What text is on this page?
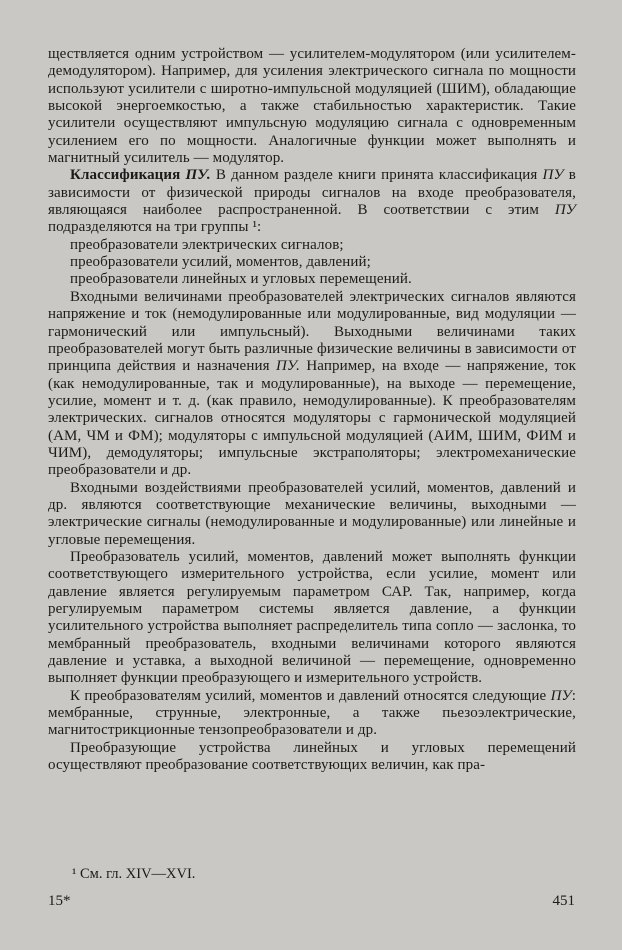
ществляется одним устройством — усилителем-модулятором (или усилителем-демодулятором). Например, для усиления электрического сигнала по мощности используют усилители с широтно-импульсной модуляцией (ШИМ), обладающие высокой энергоемкостью, а также стабильностью характеристик. Такие усилители осуществляют импульсную модуляцию сигнала с одновременным усилением его по мощности. Аналогичные функции может выполнять и магнитный усилитель — модулятор.

Классификация ПУ. В данном разделе книги принята классификация ПУ в зависимости от физической природы сигналов на входе преобразователя, являющаяся наиболее распространенной. В соответствии с этим ПУ подразделяются на три группы ¹:

преобразователи электрических сигналов;

преобразователи усилий, моментов, давлений;

преобразователи линейных и угловых перемещений.

Входными величинами преобразователей электрических сигналов являются напряжение и ток (немодулированные или модулированные, вид модуляции — гармонический или импульсный). Выходными величинами таких преобразователей могут быть различные физические величины в зависимости от принципа действия и назначения ПУ. Например, на входе — напряжение, ток (как немодулированные, так и модулированные), на выходе — перемещение, усилие, момент и т. д. (как правило, немодулированные). К преобразователям электрических. сигналов относятся модуляторы с гармонической модуляцией (АМ, ЧМ и ФМ); модуляторы с импульсной модуляцией (АИМ, ШИМ, ФИМ и ЧИМ), демодуляторы; импульсные экстраполяторы; электромеханические преобразователи и др.

Входными воздействиями преобразователей усилий, моментов, давлений и др. являются соответствующие механические величины, выходными — электрические сигналы (немодулированные и модулированные) или линейные и угловые перемещения.

Преобразователь усилий, моментов, давлений может выполнять функции соответствующего измерительного устройства, если усилие, момент или давление является регулируемым параметром САР. Так, например, когда регулируемым параметром системы является давление, а функции усилительного устройства выполняет распределитель типа сопло — заслонка, то мембранный преобразователь, входными величинами которого являются давление и уставка, а выходной величиной — перемещение, одновременно выполняет функции преобразующего и измерительного устройств.

К преобразователям усилий, моментов и давлений относятся следующие ПУ: мембранные, струнные, электронные, а также пьезоэлектрические, магнитострикционные тензопреобразователи и др.

Преобразующие устройства линейных и угловых перемещений осуществляют преобразование соответствующих величин, как пра-

¹ См. гл. XIV—XVI.
15*	451
